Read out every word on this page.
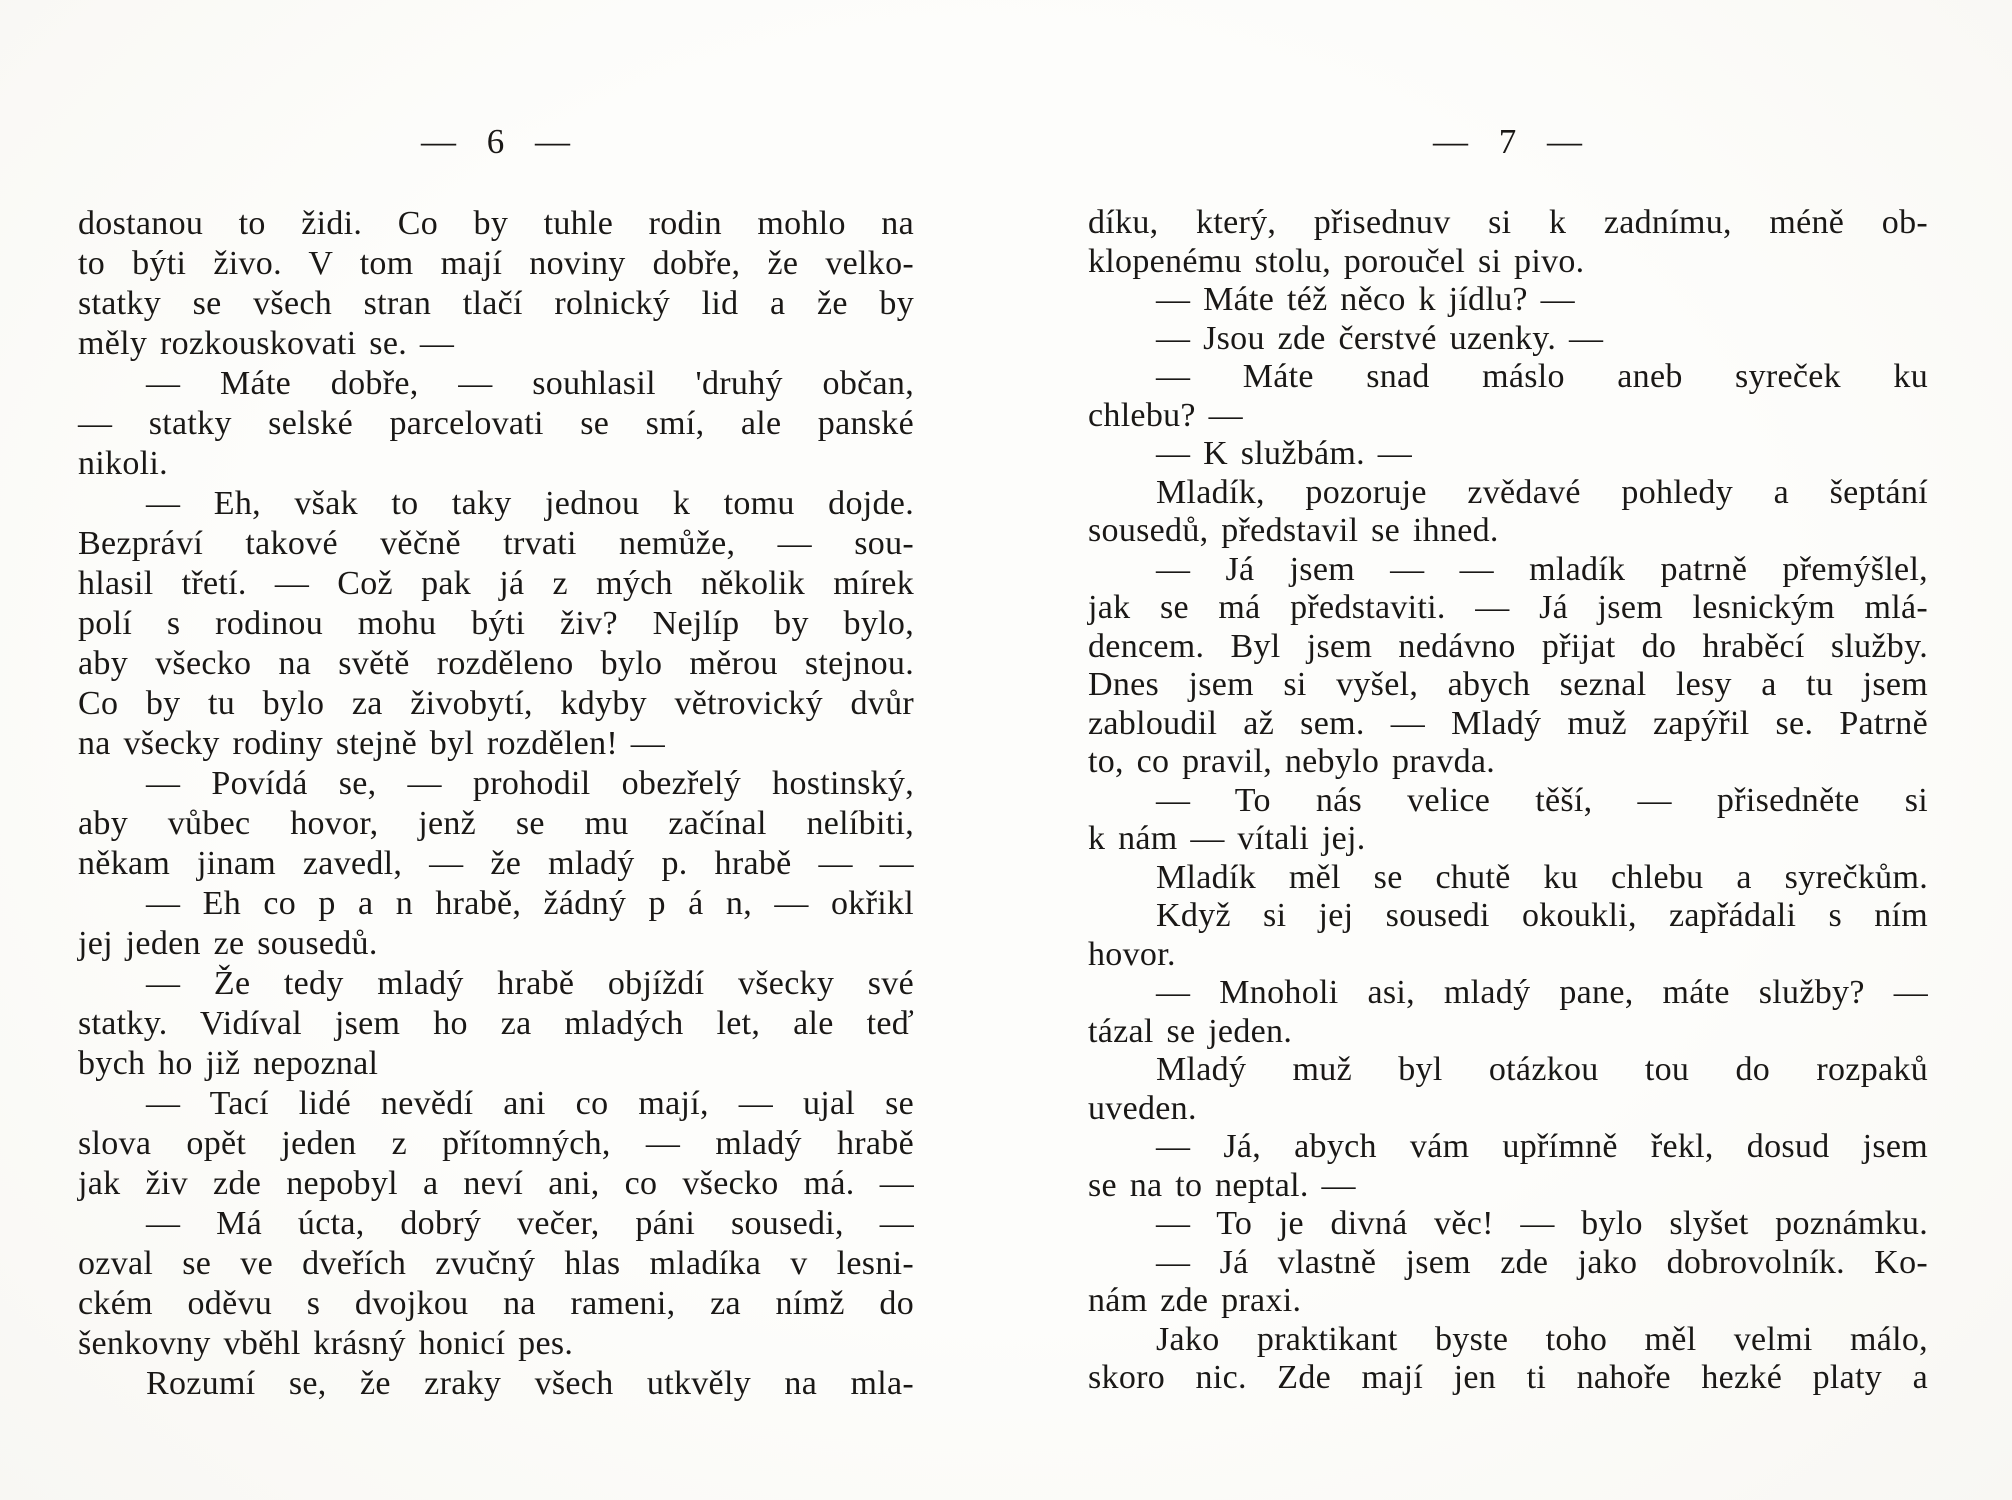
— 6 —
dostanou to židi. Co by tuhle rodin mohlo na
to býti živo. V tom mají noviny dobře, že velko-
statky se všech stran tlačí rolnický lid a že by
měly rozkouskovati se. —
— Máte dobře, — souhlasil 'druhý občan,
— statky selské parcelovati se smí, ale panské
nikoli.
— Eh, však to taky jednou k tomu dojde.
Bezpráví takové věčně trvati nemůže, — sou-
hlasil třetí. — Což pak já z mých několik mírek
polí s rodinou mohu býti živ? Nejlíp by bylo,
aby všecko na světě rozděleno bylo měrou stejnou.
Co by tu bylo za živobytí, kdyby větrovický dvůr
na všecky rodiny stejně byl rozdělen! —
— Povídá se, — prohodil obezřelý hostinský,
aby vůbec hovor, jenž se mu začínal nelíbiti,
někam jinam zavedl, — že mladý p. hrabě — —
— Eh co p a n hrabě, žádný p á n, — okřikl
jej jeden ze sousedů.
— Že tedy mladý hrabě objíždí všecky své
statky. Vidíval jsem ho za mladých let, ale teď
bych ho již nepoznal
— Tací lidé nevědí ani co mají, — ujal se
slova opět jeden z přítomných, — mladý hrabě
jak živ zde nepobyl a neví ani, co všecko má. —
— Má úcta, dobrý večer, páni sousedi, —
ozval se ve dveřích zvučný hlas mladíka v lesni-
ckém oděvu s dvojkou na rameni, za nímž do
šenkovny vběhl krásný honicí pes.
Rozumí se, že zraky všech utkvěly na mla-
— 7 —
díku, který, přisednuv si k zadnímu, méně ob-
klopenému stolu, poroučel si pivo.
— Máte též něco k jídlu? —
— Jsou zde čerstvé uzenky. —
— Máte snad máslo aneb syreček ku
chlebu? —
— K službám. —
Mladík, pozoruje zvědavé pohledy a šeptání
sousedů, představil se ihned.
— Já jsem — — mladík patrně přemýšlel,
jak se má představiti. — Já jsem lesnickým mlá-
dencem. Byl jsem nedávno přijat do hraběcí služby.
Dnes jsem si vyšel, abych seznal lesy a tu jsem
zabloudil až sem. — Mladý muž zapýřil se. Patrně
to, co pravil, nebylo pravda.
— To nás velice těší, — přisedněte si
k nám — vítali jej.
Mladík měl se chutě ku chlebu a syrečkům.
Když si jej sousedi okoukli, zapřádali s ním
hovor.
— Mnoholi asi, mladý pane, máte služby? —
tázal se jeden.
Mladý muž byl otázkou tou do rozpaků
uveden.
— Já, abych vám upřímně řekl, dosud jsem
se na to neptal. —
— To je divná věc! — bylo slyšet poznámku.
— Já vlastně jsem zde jako dobrovolník. Ko-
nám zde praxi.
Jako praktikant byste toho měl velmi málo,
skoro nic. Zde mají jen ti nahoře hezké platy a
